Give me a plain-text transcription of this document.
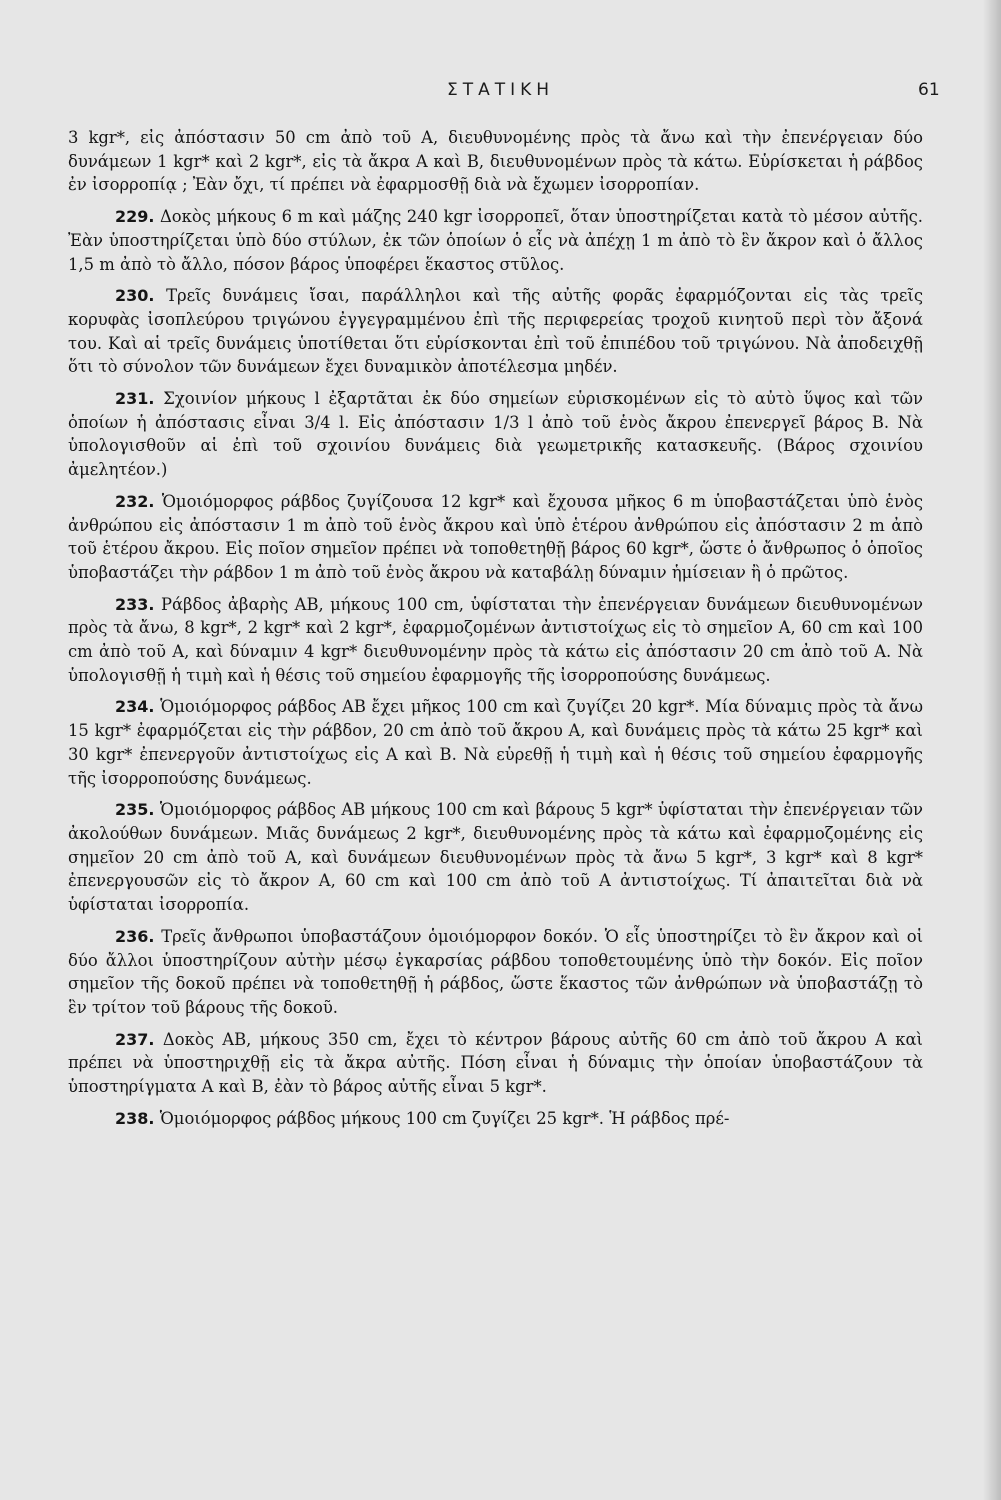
ΣΤΑΤΙΚΗ	61

3 kgr*, εἰς ἀπόστασιν 50 cm ἀπὸ τοῦ Α, διευθυνομένης πρὸς τὰ ἄνω καὶ τὴν ἐπενέργειαν δύο δυνάμεων 1 kgr* καὶ 2 kgr*, εἰς τὰ ἄκρα Α καὶ Β, διευθυνομένων πρὸς τὰ κάτω. Εὑρίσκεται ἡ ράβδος ἐν ἰσορροπίᾳ ; Ἐὰν ὄχι, τί πρέπει νὰ ἐφαρμοσθῇ διὰ νὰ ἔχωμεν ἰσορροπίαν.

229. Δοκὸς μήκους 6 m καὶ μάζης 240 kgr ἰσορροπεῖ, ὅταν ὑποστηρίζεται κατὰ τὸ μέσον αὐτῆς. Ἐὰν ὑποστηρίζεται ὑπὸ δύο στύλων, ἐκ τῶν ὁποίων ὁ εἷς νὰ ἀπέχῃ 1 m ἀπὸ τὸ ἓν ἄκρον καὶ ὁ ἄλλος 1,5 m ἀπὸ τὸ ἄλλο, πόσον βάρος ὑποφέρει ἕκαστος στῦλος.

230. Τρεῖς δυνάμεις ἴσαι, παράλληλοι καὶ τῆς αὐτῆς φορᾶς ἐφαρμόζονται εἰς τὰς τρεῖς κορυφὰς ἰσοπλεύρου τριγώνου ἐγγεγραμμένου ἐπὶ τῆς περιφερείας τροχοῦ κινητοῦ περὶ τὸν ἄξονά του. Καὶ αἱ τρεῖς δυνάμεις ὑποτίθεται ὅτι εὑρίσκονται ἐπὶ τοῦ ἐπιπέδου τοῦ τριγώνου. Νὰ ἀποδειχθῇ ὅτι τὸ σύνολον τῶν δυνάμεων ἔχει δυναμικὸν ἀποτέλεσμα μηδέν.

231. Σχοινίον μήκους l ἐξαρτᾶται ἐκ δύο σημείων εὑρισκομένων εἰς τὸ αὐτὸ ὕψος καὶ τῶν ὁποίων ἡ ἀπόστασις εἶναι 3/4 l. Εἰς ἀπόστασιν 1/3 l ἀπὸ τοῦ ἑνὸς ἄκρου ἐπενεργεῖ βάρος Β. Νὰ ὑπολογισθοῦν αἱ ἐπὶ τοῦ σχοινίου δυνάμεις διὰ γεωμετρικῆς κατασκευῆς. (Βάρος σχοινίου ἀμελητέον.)

232. Ὁμοιόμορφος ράβδος ζυγίζουσα 12 kgr* καὶ ἔχουσα μῆκος 6 m ὑποβαστάζεται ὑπὸ ἑνὸς ἀνθρώπου εἰς ἀπόστασιν 1 m ἀπὸ τοῦ ἑνὸς ἄκρου καὶ ὑπὸ ἑτέρου ἀνθρώπου εἰς ἀπόστασιν 2 m ἀπὸ τοῦ ἑτέρου ἄκρου. Εἰς ποῖον σημεῖον πρέπει νὰ τοποθετηθῇ βάρος 60 kgr*, ὥστε ὁ ἄνθρωπος ὁ ὁποῖος ὑποβαστάζει τὴν ράβδον 1 m ἀπὸ τοῦ ἑνὸς ἄκρου νὰ καταβάλῃ δύναμιν ἡμίσειαν ἢ ὁ πρῶτος.

233. Ράβδος ἀβαρὴς ΑΒ, μήκους 100 cm, ὑφίσταται τὴν ἐπενέργειαν δυνάμεων διευθυνομένων πρὸς τὰ ἄνω, 8 kgr*, 2 kgr* καὶ 2 kgr*, ἐφαρμοζομένων ἀντιστοίχως εἰς τὸ σημεῖον Α, 60 cm καὶ 100 cm ἀπὸ τοῦ Α, καὶ δύναμιν 4 kgr* διευθυνομένην πρὸς τὰ κάτω εἰς ἀπόστασιν 20 cm ἀπὸ τοῦ Α. Νὰ ὑπολογισθῇ ἡ τιμὴ καὶ ἡ θέσις τοῦ σημείου ἐφαρμογῆς τῆς ἰσορροπούσης δυνάμεως.

234. Ὁμοιόμορφος ράβδος ΑΒ ἔχει μῆκος 100 cm καὶ ζυγίζει 20 kgr*. Μία δύναμις πρὸς τὰ ἄνω 15 kgr* ἐφαρμόζεται εἰς τὴν ράβδον, 20 cm ἀπὸ τοῦ ἄκρου Α, καὶ δυνάμεις πρὸς τὰ κάτω 25 kgr* καὶ 30 kgr* ἐπενεργοῦν ἀντιστοίχως εἰς Α καὶ Β. Νὰ εὑρεθῇ ἡ τιμὴ καὶ ἡ θέσις τοῦ σημείου ἐφαρμογῆς τῆς ἰσορροπούσης δυνάμεως.

235. Ὁμοιόμορφος ράβδος ΑΒ μήκους 100 cm καὶ βάρους 5 kgr* ὑφίσταται τὴν ἐπενέργειαν τῶν ἀκολούθων δυνάμεων. Μιᾶς δυνάμεως 2 kgr*, διευθυνομένης πρὸς τὰ κάτω καὶ ἐφαρμοζομένης εἰς σημεῖον 20 cm ἀπὸ τοῦ Α, καὶ δυνάμεων διευθυνομένων πρὸς τὰ ἄνω 5 kgr*, 3 kgr* καὶ 8 kgr* ἐπενεργουσῶν εἰς τὸ ἄκρον Α, 60 cm καὶ 100 cm ἀπὸ τοῦ Α ἀντιστοίχως. Τί ἀπαιτεῖται διὰ νὰ ὑφίσταται ἰσορροπία.

236. Τρεῖς ἄνθρωποι ὑποβαστάζουν ὁμοιόμορφον δοκόν. Ὁ εἷς ὑποστηρίζει τὸ ἓν ἄκρον καὶ οἱ δύο ἄλλοι ὑποστηρίζουν αὐτὴν μέσῳ ἐγκαρσίας ράβδου τοποθετουμένης ὑπὸ τὴν δοκόν. Εἰς ποῖον σημεῖον τῆς δοκοῦ πρέπει νὰ τοποθετηθῇ ἡ ράβδος, ὥστε ἕκαστος τῶν ἀνθρώπων νὰ ὑποβαστάζῃ τὸ ἓν τρίτον τοῦ βάρους τῆς δοκοῦ.

237. Δοκὸς ΑΒ, μήκους 350 cm, ἔχει τὸ κέντρον βάρους αὐτῆς 60 cm ἀπὸ τοῦ ἄκρου Α καὶ πρέπει νὰ ὑποστηριχθῇ εἰς τὰ ἄκρα αὐτῆς. Πόση εἶναι ἡ δύναμις τὴν ὁποίαν ὑποβαστάζουν τὰ ὑποστηρίγματα Α καὶ Β, ἐὰν τὸ βάρος αὐτῆς εἶναι 5 kgr*.

238. Ὁμοιόμορφος ράβδος μήκους 100 cm ζυγίζει 25 kgr*. Ἡ ράβδος πρέ-
